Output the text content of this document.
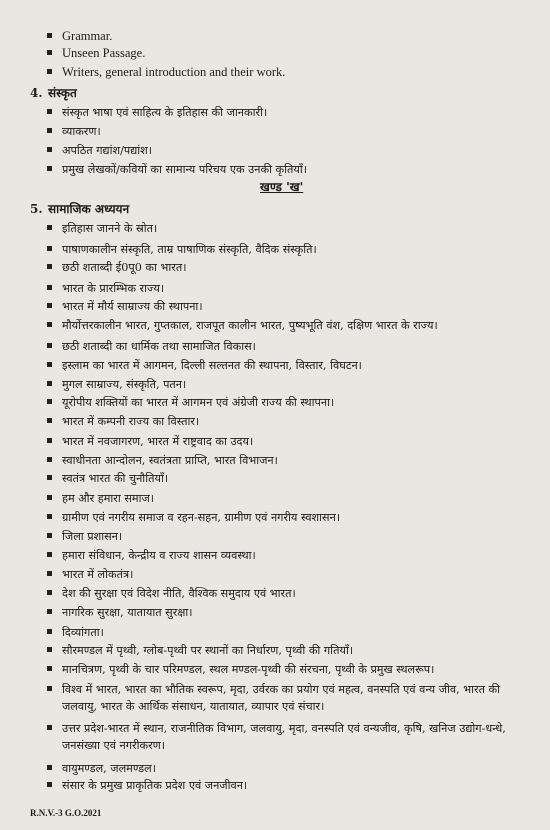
Grammar.
Unseen Passage.
Writers, general introduction and their work.
4. संस्कृत
संस्कृत भाषा एवं साहित्य के इतिहास की जानकारी।
व्याकरण।
अपठित गद्यांश/पद्यांश।
प्रमुख लेखकों/कवियों का सामान्य परिचय एक उनकी कृतियाँ।
खण्ड 'ख'
5. सामाजिक अध्ययन
इतिहास जानने के स्रोत।
पाषाणकालीन संस्कृति, ताम्र पाषाणिक संस्कृति, वैदिक संस्कृति।
छठी शताब्दी ई0पू0 का भारत।
भारत के प्रारम्भिक राज्य।
भारत में मौर्य साम्राज्य की स्थापना।
मौर्योत्तरकालीन भारत, गुप्तकाल, राजपूत कालीन भारत, पुष्यभूति वंश, दक्षिण भारत के राज्य।
छठी शताब्दी का धार्मिक तथा सामाजित विकास।
इस्लाम का भारत में आगमन, दिल्ली सल्तनत की स्थापना, विस्तार, विघटन।
मुगल साम्राज्य, संस्कृति, पतन।
यूरोपीय शक्तियों का भारत में आगमन एवं अंग्रेजी राज्य की स्थापना।
भारत में कम्पनी राज्य का विस्तार।
भारत में नवजागरण, भारत में राष्ट्रवाद का उदय।
स्वाधीनता आन्दोलन, स्वतंत्रता प्राप्ति, भारत विभाजन।
स्वतंत्र भारत की चुनौतियाँ।
हम और हमारा समाज।
ग्रामीण एवं नगरीय समाज व रहन-सहन, ग्रामीण एवं नगरीय स्वशासन।
जिला प्रशासन।
हमारा संविधान, केन्द्रीय व राज्य शासन व्यवस्था।
भारत में लोकतंत्र।
देश की सुरक्षा एवं विदेश नीति, वैश्विक समुदाय एवं भारत।
नागरिक सुरक्षा, यातायात सुरक्षा।
दिव्यांगता।
सौरमण्डल में पृथ्वी, ग्लोब-पृथ्वी पर स्थानों का निर्धारण, पृथ्वी की गतियाँ।
मानचित्रण, पृथ्वी के चार परिमण्डल, स्थल मण्डल-पृथ्वी की संरचना, पृथ्वी के प्रमुख स्थलरूप।
विश्व में भारत, भारत का भौतिक स्वरूप, मृदा, उर्वरक का प्रयोग एवं महत्व, वनस्पति एवं वन्य जीव, भारत की जलवायु, भारत के आर्थिक संसाधन, यातायात, व्यापार एवं संचार।
उत्तर प्रदेश-भारत में स्थान, राजनीतिक विभाग, जलवायु, मृदा, वनस्पति एवं वन्यजीव, कृषि, खनिज उद्योग-धन्धे, जनसंख्या एवं नगरीकरण।
वायुमण्डल, जलमण्डल।
संसार के प्रमुख प्राकृतिक प्रदेश एवं जनजीवन।
R.N.V.-3 G.O.2021
